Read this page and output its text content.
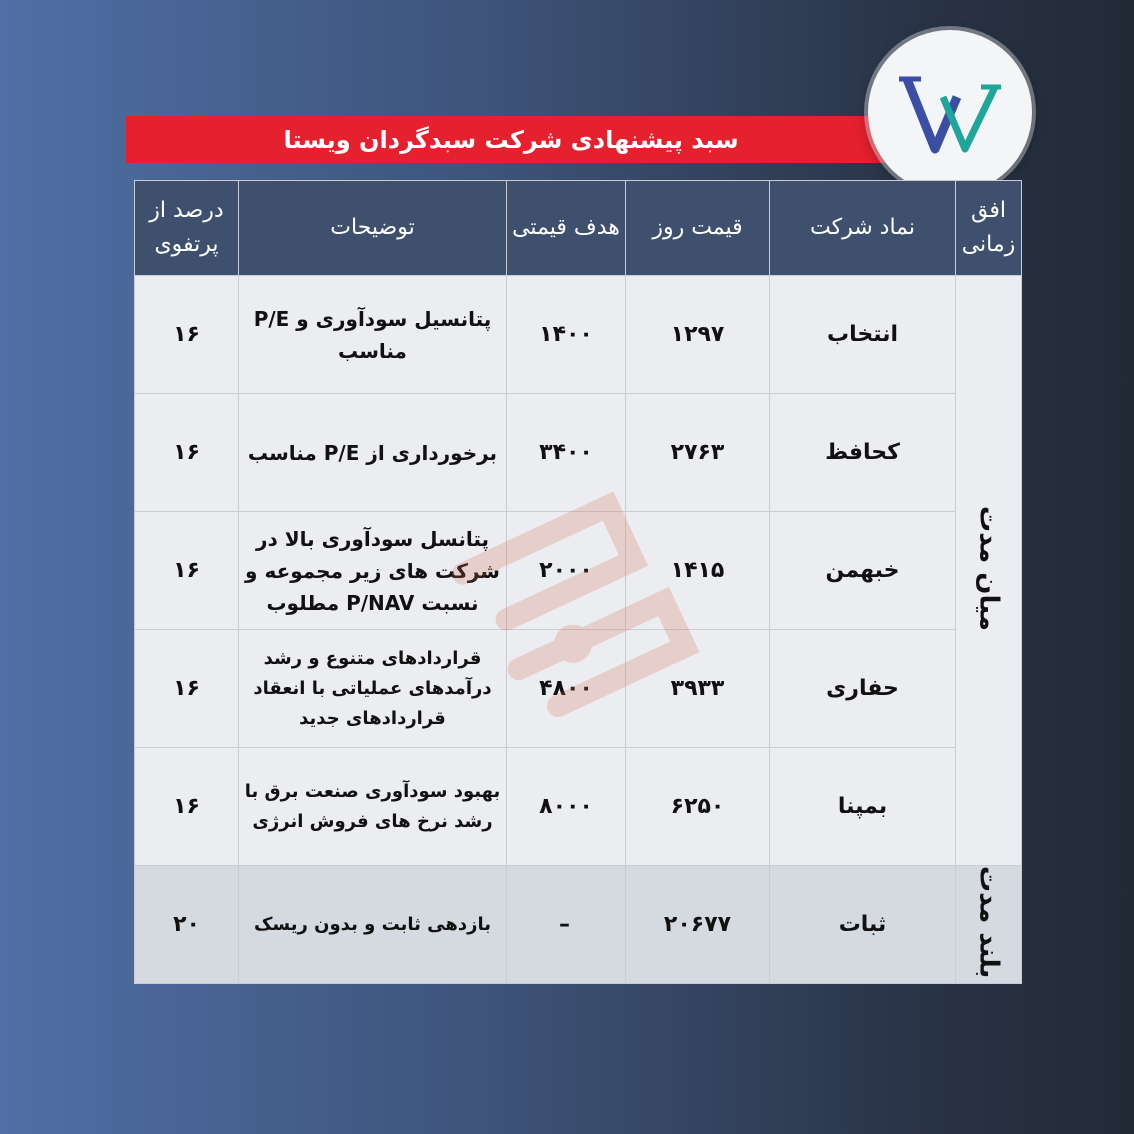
سبد پیشنهادی شرکت سبدگردان ویستا
افق زمانی	نماد شرکت	قیمت روز	هدف قیمتی	توضیحات	درصد از پرتفوی
میان مدت	انتخاب	۱۲۹۷	۱۴۰۰	پتانسیل سودآوری و P/E مناسب	۱۶
	کحافظ	۲۷۶۳	۳۴۰۰	برخورداری از P/E مناسب	۱۶
	خبهمن	۱۴۱۵	۲۰۰۰	پتانسل سودآوری بالا در شرکت های زیر مجموعه و نسبت P/NAV مطلوب	۱۶
	حفاری	۳۹۳۳	۴۸۰۰	قراردادهای متنوع و رشد درآمدهای عملیاتی با انعقاد قراردادهای جدید	۱۶
	بمپنا	۶۲۵۰	۸۰۰۰	بهبود سودآوری صنعت برق با رشد نرخ های فروش انرژی	۱۶
بلند مدت	ثبات	۲۰۶۷۷	–	بازدهی ثابت و بدون ریسک	۲۰
